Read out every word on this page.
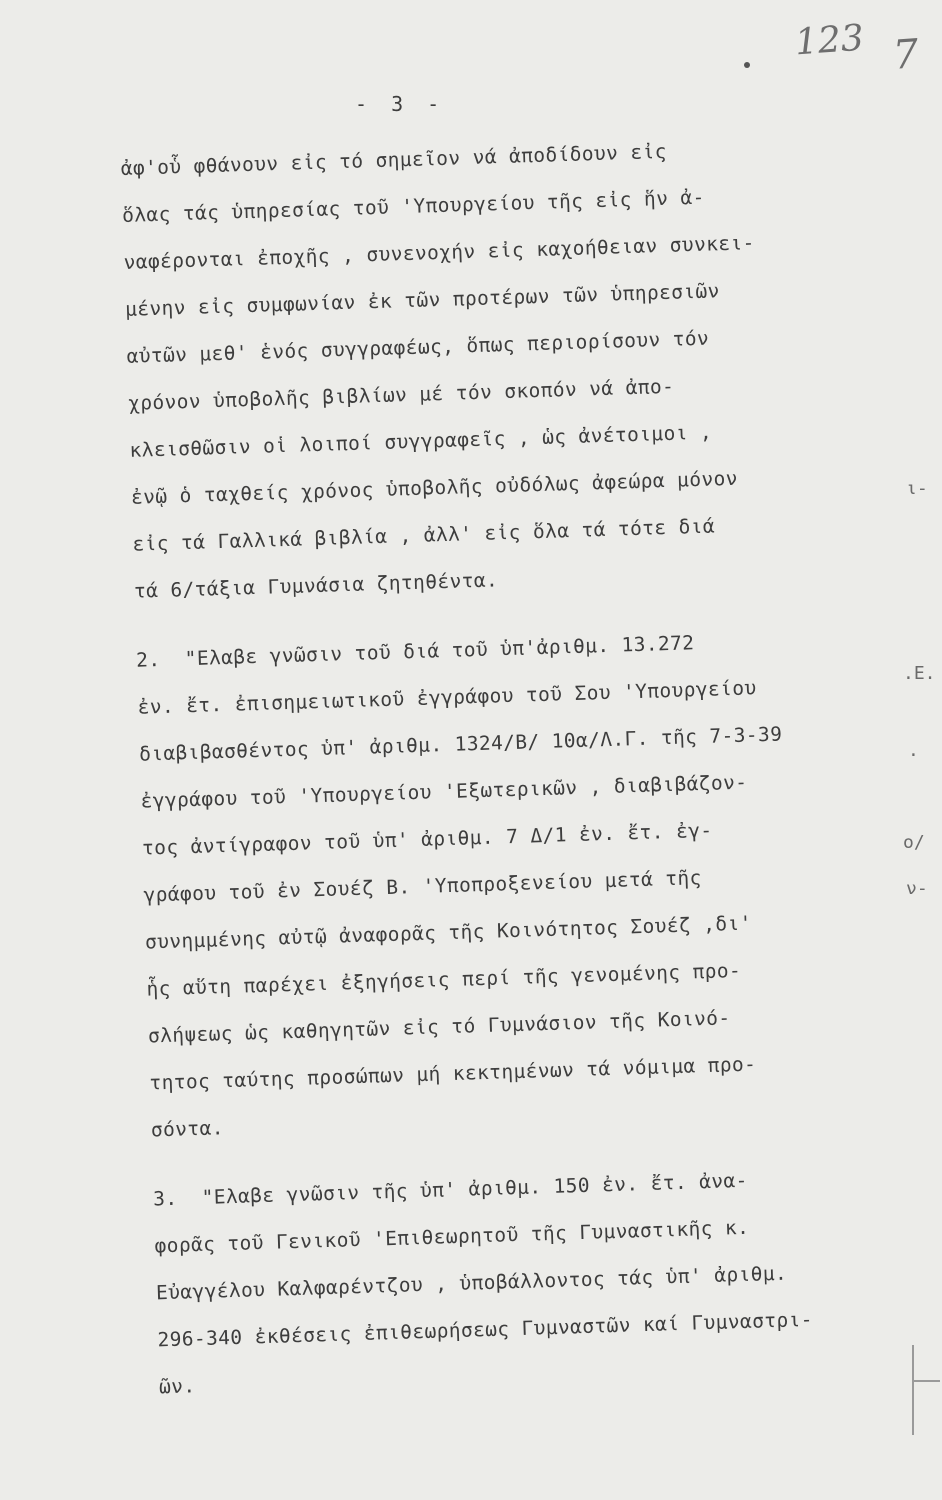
123 7
- 3 -
ἀφ'οὗ φθάνουν εἰς τό σημεῖον νά ἀποδίδουν εἰς
ὅλας τάς ὑπηρεσίας τοῦ 'Υπουργείου τῆς εἰς ἥν ἀ-
ναφέρονται ἐποχῆς , συνενοχήν εἰς καχοήθειαν συνκει-
μένην εἰς συμφωνίαν ἐκ τῶν προτέρων τῶν ὑπηρεσιῶν
αὐτῶν μεθ' ἑνός συγγραφέως, ὅπως περιορίσουν τόν
χρόνον ὑποβολῆς βιβλίων μέ τόν σκοπόν νά ἀπο-
κλεισθῶσιν οἱ λοιποί συγγραφεῖς , ὡς ἀνέτοιμοι ,
ἐνῷ ὁ ταχθείς χρόνος ὑποβολῆς οὐδόλως ἀφεώρα μόνον
εἰς τά Γαλλικά βιβλία , ἀλλ' εἰς ὅλα τά τότε διά
τά 6/τάξια Γυμνάσια ζητηθέντα.
2.  "Ελαβε γνῶσιν τοῦ διά τοῦ ὑπ'ἀριθμ. 13.272
ἐν. ἔτ. ἐπισημειωτικοῦ ἐγγράφου τοῦ Σου 'Υπουργείου
διαβιβασθέντος ὑπ' ἀριθμ. 1324/Β/ 10α/Λ.Γ. τῆς 7-3-39
ἐγγράφου τοῦ 'Υπουργείου 'Εξωτερικῶν , διαβιβάζον-
τος ἀντίγραφον τοῦ ὑπ' ἀριθμ. 7 Δ/1 ἐν. ἔτ. ἐγ-
γράφου τοῦ ἐν Σουέζ Β. 'Υποπροξενείου μετά τῆς
συνημμένης αὐτῷ ἀναφορᾶς τῆς Κοινότητος Σουέζ ,δι'
ἧς αὕτη παρέχει ἐξηγήσεις περί τῆς γενομένης προ-
σλήψεως ὡς καθηγητῶν εἰς τό Γυμνάσιον τῆς Κοινό-
τητος ταύτης προσώπων μή κεκτημένων τά νόμιμα προ-
σόντα.
3.  "Ελαβε γνῶσιν τῆς ὑπ' ἀριθμ. 150 ἐν. ἔτ. ἀνα-
φορᾶς τοῦ Γενικοῦ 'Επιθεωρητοῦ τῆς Γυμναστικῆς κ.
Εὐαγγέλου Καλφαρέντζου , ὑποβάλλοντος τάς ὑπ' ἀριθμ.
296-340 ἐκθέσεις ἐπιθεωρήσεως Γυμναστῶν καί Γυμναστρι-
ῶν.
ι-
.Ε.
.
ο/
ν-
